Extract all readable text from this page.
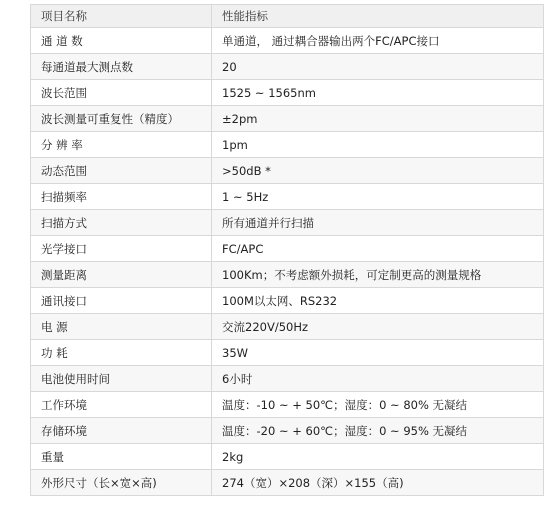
项目名称	性能指标
通 道 数	单通道， 通过耦合器输出两个FC/APC接口
每通道最大测点数	20
波长范围	1525 ~ 1565nm
波长测量可重复性（精度）	±2pm
分 辨 率	1pm
动态范围	>50dB *
扫描频率	1 ~ 5Hz
扫描方式	所有通道并行扫描
光学接口	FC/APC
测量距离	100Km；不考虑额外损耗，可定制更高的测量规格
通讯接口	100M以太网、RS232
电 源	交流220V/50Hz
功 耗	35W
电池使用时间	6小时
工作环境	温度：-10 ~ + 50℃；湿度：0 ~ 80% 无凝结
存储环境	温度：-20 ~ + 60℃；湿度：0 ~ 95% 无凝结
重量	2kg
外形尺寸（长×宽×高)	274（宽）×208（深）×155（高)
